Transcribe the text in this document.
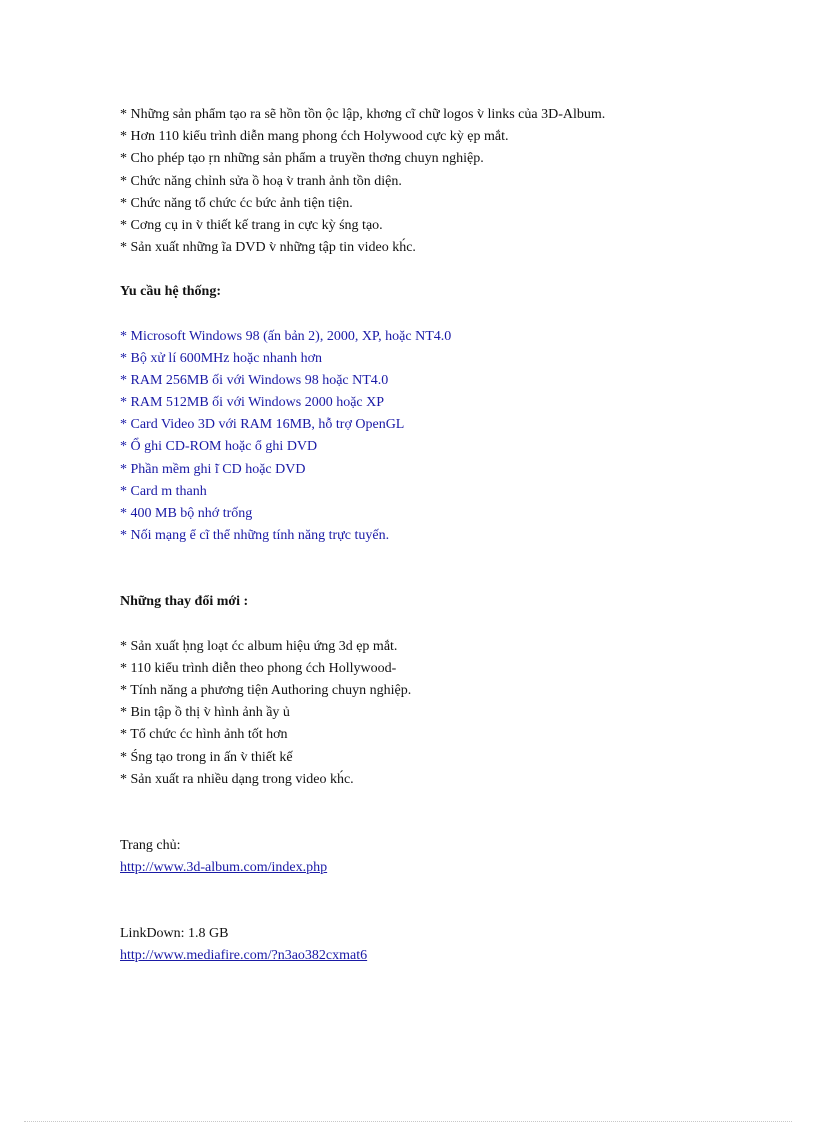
* Những sản phẩm tạo ra sẽ hồn tồn ộc lập, khơng cĩ chữ logos v̀ links của 3D-Album.
* Hơn 110 kiểu trình diễn mang phong ćch Holywood cực kỳ ẹp mắt.
* Cho phép tạo ṛn những sản phẩm a truyền thơng chuyn nghiệp.
* Chức năng chỉnh sửa ồ hoạ v̀ tranh ảnh tồn diện.
* Chức năng tổ chức ćc bức ảnh tiện tiện.
* Cơng cụ in v̀ thiết kế trang in cực kỳ śng tạo.
* Sản xuất những ĩa DVD v̀ những tập tin video kh́c.
Yu cầu hệ thống:
* Microsoft Windows 98 (ấn bản 2), 2000, XP, hoặc NT4.0
* Bộ xử lí 600MHz hoặc nhanh hơn
* RAM 256MB ối với Windows 98 hoặc NT4.0
* RAM 512MB ối với Windows 2000 hoặc XP
* Card Video 3D với RAM 16MB, hỗ trợ OpenGL
* Ổ ghi CD-ROM hoặc ổ ghi DVD
* Phần mềm ghi ̃i CD hoặc DVD
* Card m thanh
* 400 MB bộ nhớ trống
* Nối mạng ể cĩ thể những tính năng trực tuyến.
Những thay đổi mới :
* Sản xuất ḥng loạt ćc album hiệu ứng 3d ẹp mắt.
* 110 kiểu trình diễn theo phong ćch Hollywood-
* Tính năng a phương tiện Authoring chuyn nghiệp.
* Bin tập ồ thị v̀ hình ảnh ầy ủ
* Tổ chức ćc hình ảnh tốt hơn
* Śng tạo trong in ấn v̀ thiết kế
* Sản xuất ra nhiều dạng trong video kh́c.
Trang chủ:
http://www.3d-album.com/index.php
LinkDown: 1.8 GB
http://www.mediafire.com/?n3ao382cxmat6
